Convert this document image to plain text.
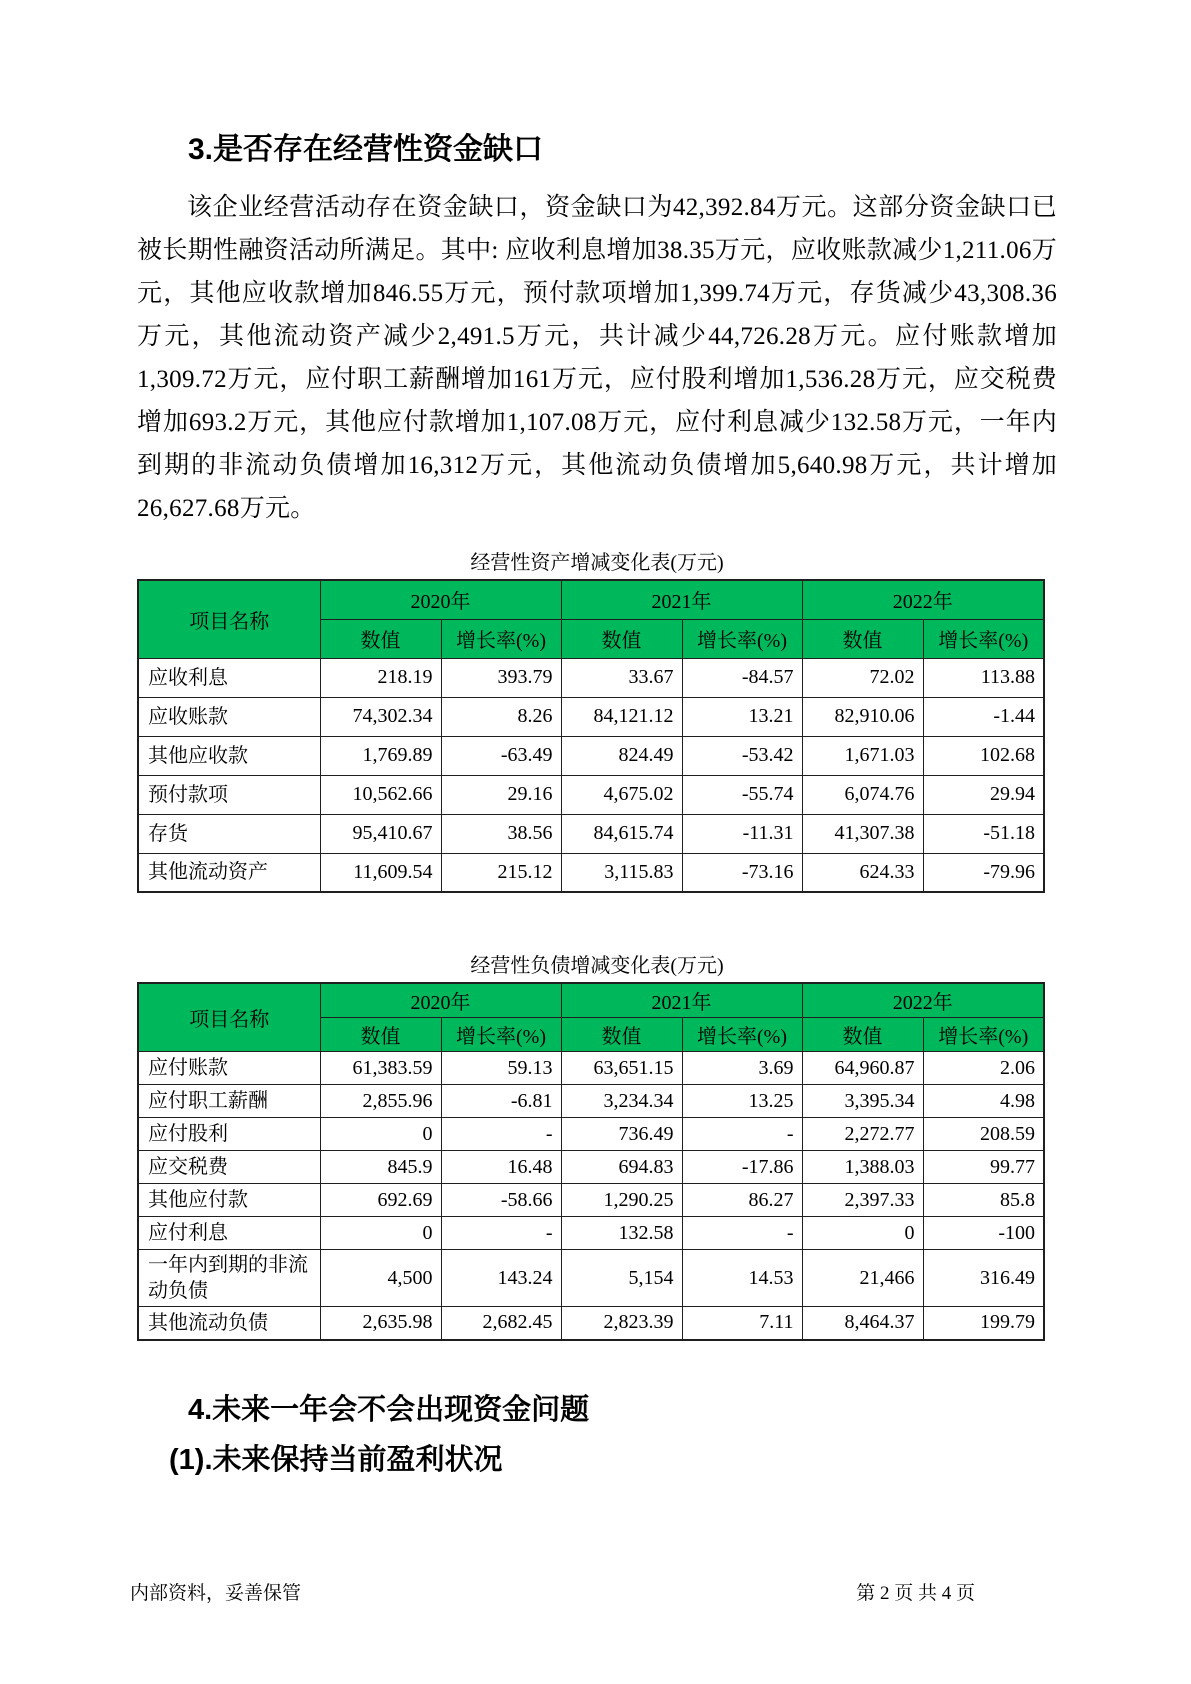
3.是否存在经营性资金缺口

该企业经营活动存在资金缺口，资金缺口为42,392.84万元。这部分资金缺口已被长期性融资活动所满足。其中: 应收利息增加38.35万元，应收账款减少1,211.06万元，其他应收款增加846.55万元，预付款项增加1,399.74万元，存货减少43,308.36万元，其他流动资产减少2,491.5万元，共计减少44,726.28万元。应付账款增加1,309.72万元，应付职工薪酬增加161万元，应付股利增加1,536.28万元，应交税费增加693.2万元，其他应付款增加1,107.08万元，应付利息减少132.58万元，一年内到期的非流动负债增加16,312万元，其他流动负债增加5,640.98万元，共计增加26,627.68万元。

经营性资产增减变化表(万元)
项目名称	2020年		2021年		2022年	
	数值	增长率(%)	数值	增长率(%)	数值	增长率(%)
应收利息	218.19	393.79	33.67	-84.57	72.02	113.88
应收账款	74,302.34	8.26	84,121.12	13.21	82,910.06	-1.44
其他应收款	1,769.89	-63.49	824.49	-53.42	1,671.03	102.68
预付款项	10,562.66	29.16	4,675.02	-55.74	6,074.76	29.94
存货	95,410.67	38.56	84,615.74	-11.31	41,307.38	-51.18
其他流动资产	11,609.54	215.12	3,115.83	-73.16	624.33	-79.96
经营性负债增减变化表(万元)
项目名称	2020年		2021年		2022年	
	数值	增长率(%)	数值	增长率(%)	数值	增长率(%)
应付账款	61,383.59	59.13	63,651.15	3.69	64,960.87	2.06
应付职工薪酬	2,855.96	-6.81	3,234.34	13.25	3,395.34	4.98
应付股利	0	-	736.49	-	2,272.77	208.59
应交税费	845.9	16.48	694.83	-17.86	1,388.03	99.77
其他应付款	692.69	-58.66	1,290.25	86.27	2,397.33	85.8
应付利息	0	-	132.58	-	0	-100
一年内到期的非流动负债	4,500	143.24	5,154	14.53	21,466	316.49
其他流动负债	2,635.98	2,682.45	2,823.39	7.11	8,464.37	199.79
4.未来一年会不会出现资金问题
(1).未来保持当前盈利状况
内部资料，妥善保管	第 2 页 共 4 页
